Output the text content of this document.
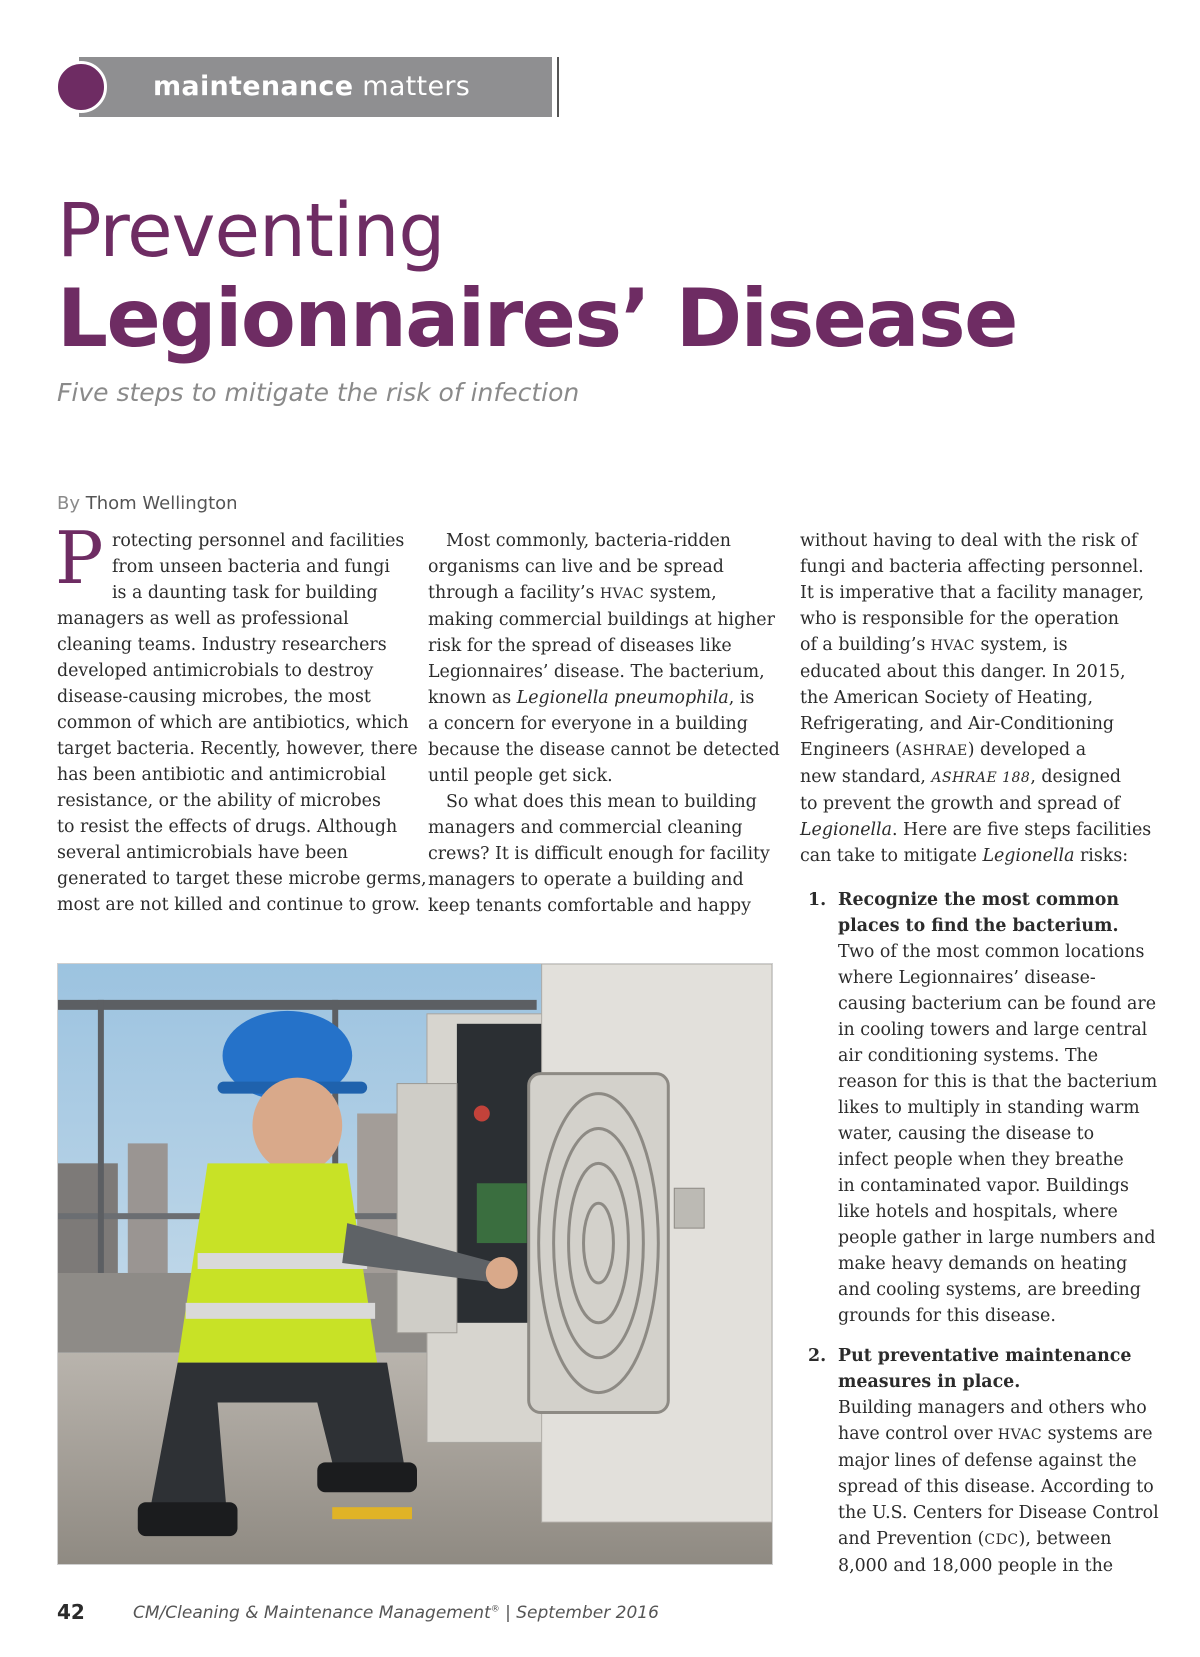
maintenance matters
Preventing
Legionnaires’ Disease
Five steps to mitigate the risk of infection
By Thom Wellington
P rotecting personnel and facilities
from unseen bacteria and fungi
is a daunting task for building
managers as well as professional
cleaning teams. Industry researchers
developed antimicrobials to destroy
disease-causing microbes, the most
common of which are antibiotics, which
target bacteria. Recently, however, there
has been antibiotic and antimicrobial
resistance, or the ability of microbes
to resist the effects of drugs. Although
several antimicrobials have been
generated to target these microbe germs,
most are not killed and continue to grow.
Most commonly, bacteria-ridden
organisms can live and be spread
through a facility’s HVAC system,
making commercial buildings at higher
risk for the spread of diseases like
Legionnaires’ disease. The bacterium,
known as Legionella pneumophila, is
a concern for everyone in a building
because the disease cannot be detected
until people get sick.
So what does this mean to building
managers and commercial cleaning
crews? It is difficult enough for facility
managers to operate a building and
keep tenants comfortable and happy
without having to deal with the risk of
fungi and bacteria affecting personnel.
It is imperative that a facility manager,
who is responsible for the operation
of a building’s HVAC system, is
educated about this danger. In 2015,
the American Society of Heating,
Refrigerating, and Air-Conditioning
Engineers (ASHRAE) developed a
new standard, ASHRAE 188, designed
to prevent the growth and spread of
Legionella. Here are five steps facilities
can take to mitigate Legionella risks:
1. Recognize the most common
places to find the bacterium.
Two of the most common locations
where Legionnaires’ disease-
causing bacterium can be found are
in cooling towers and large central
air conditioning systems. The
reason for this is that the bacterium
likes to multiply in standing warm
water, causing the disease to
infect people when they breathe
in contaminated vapor. Buildings
like hotels and hospitals, where
people gather in large numbers and
make heavy demands on heating
and cooling systems, are breeding
grounds for this disease.
2. Put preventative maintenance
measures in place.
Building managers and others who
have control over HVAC systems are
major lines of defense against the
spread of this disease. According to
the U.S. Centers for Disease Control
and Prevention (CDC), between
8,000 and 18,000 people in the
42	CM/Cleaning & Maintenance Management® | September 2016
